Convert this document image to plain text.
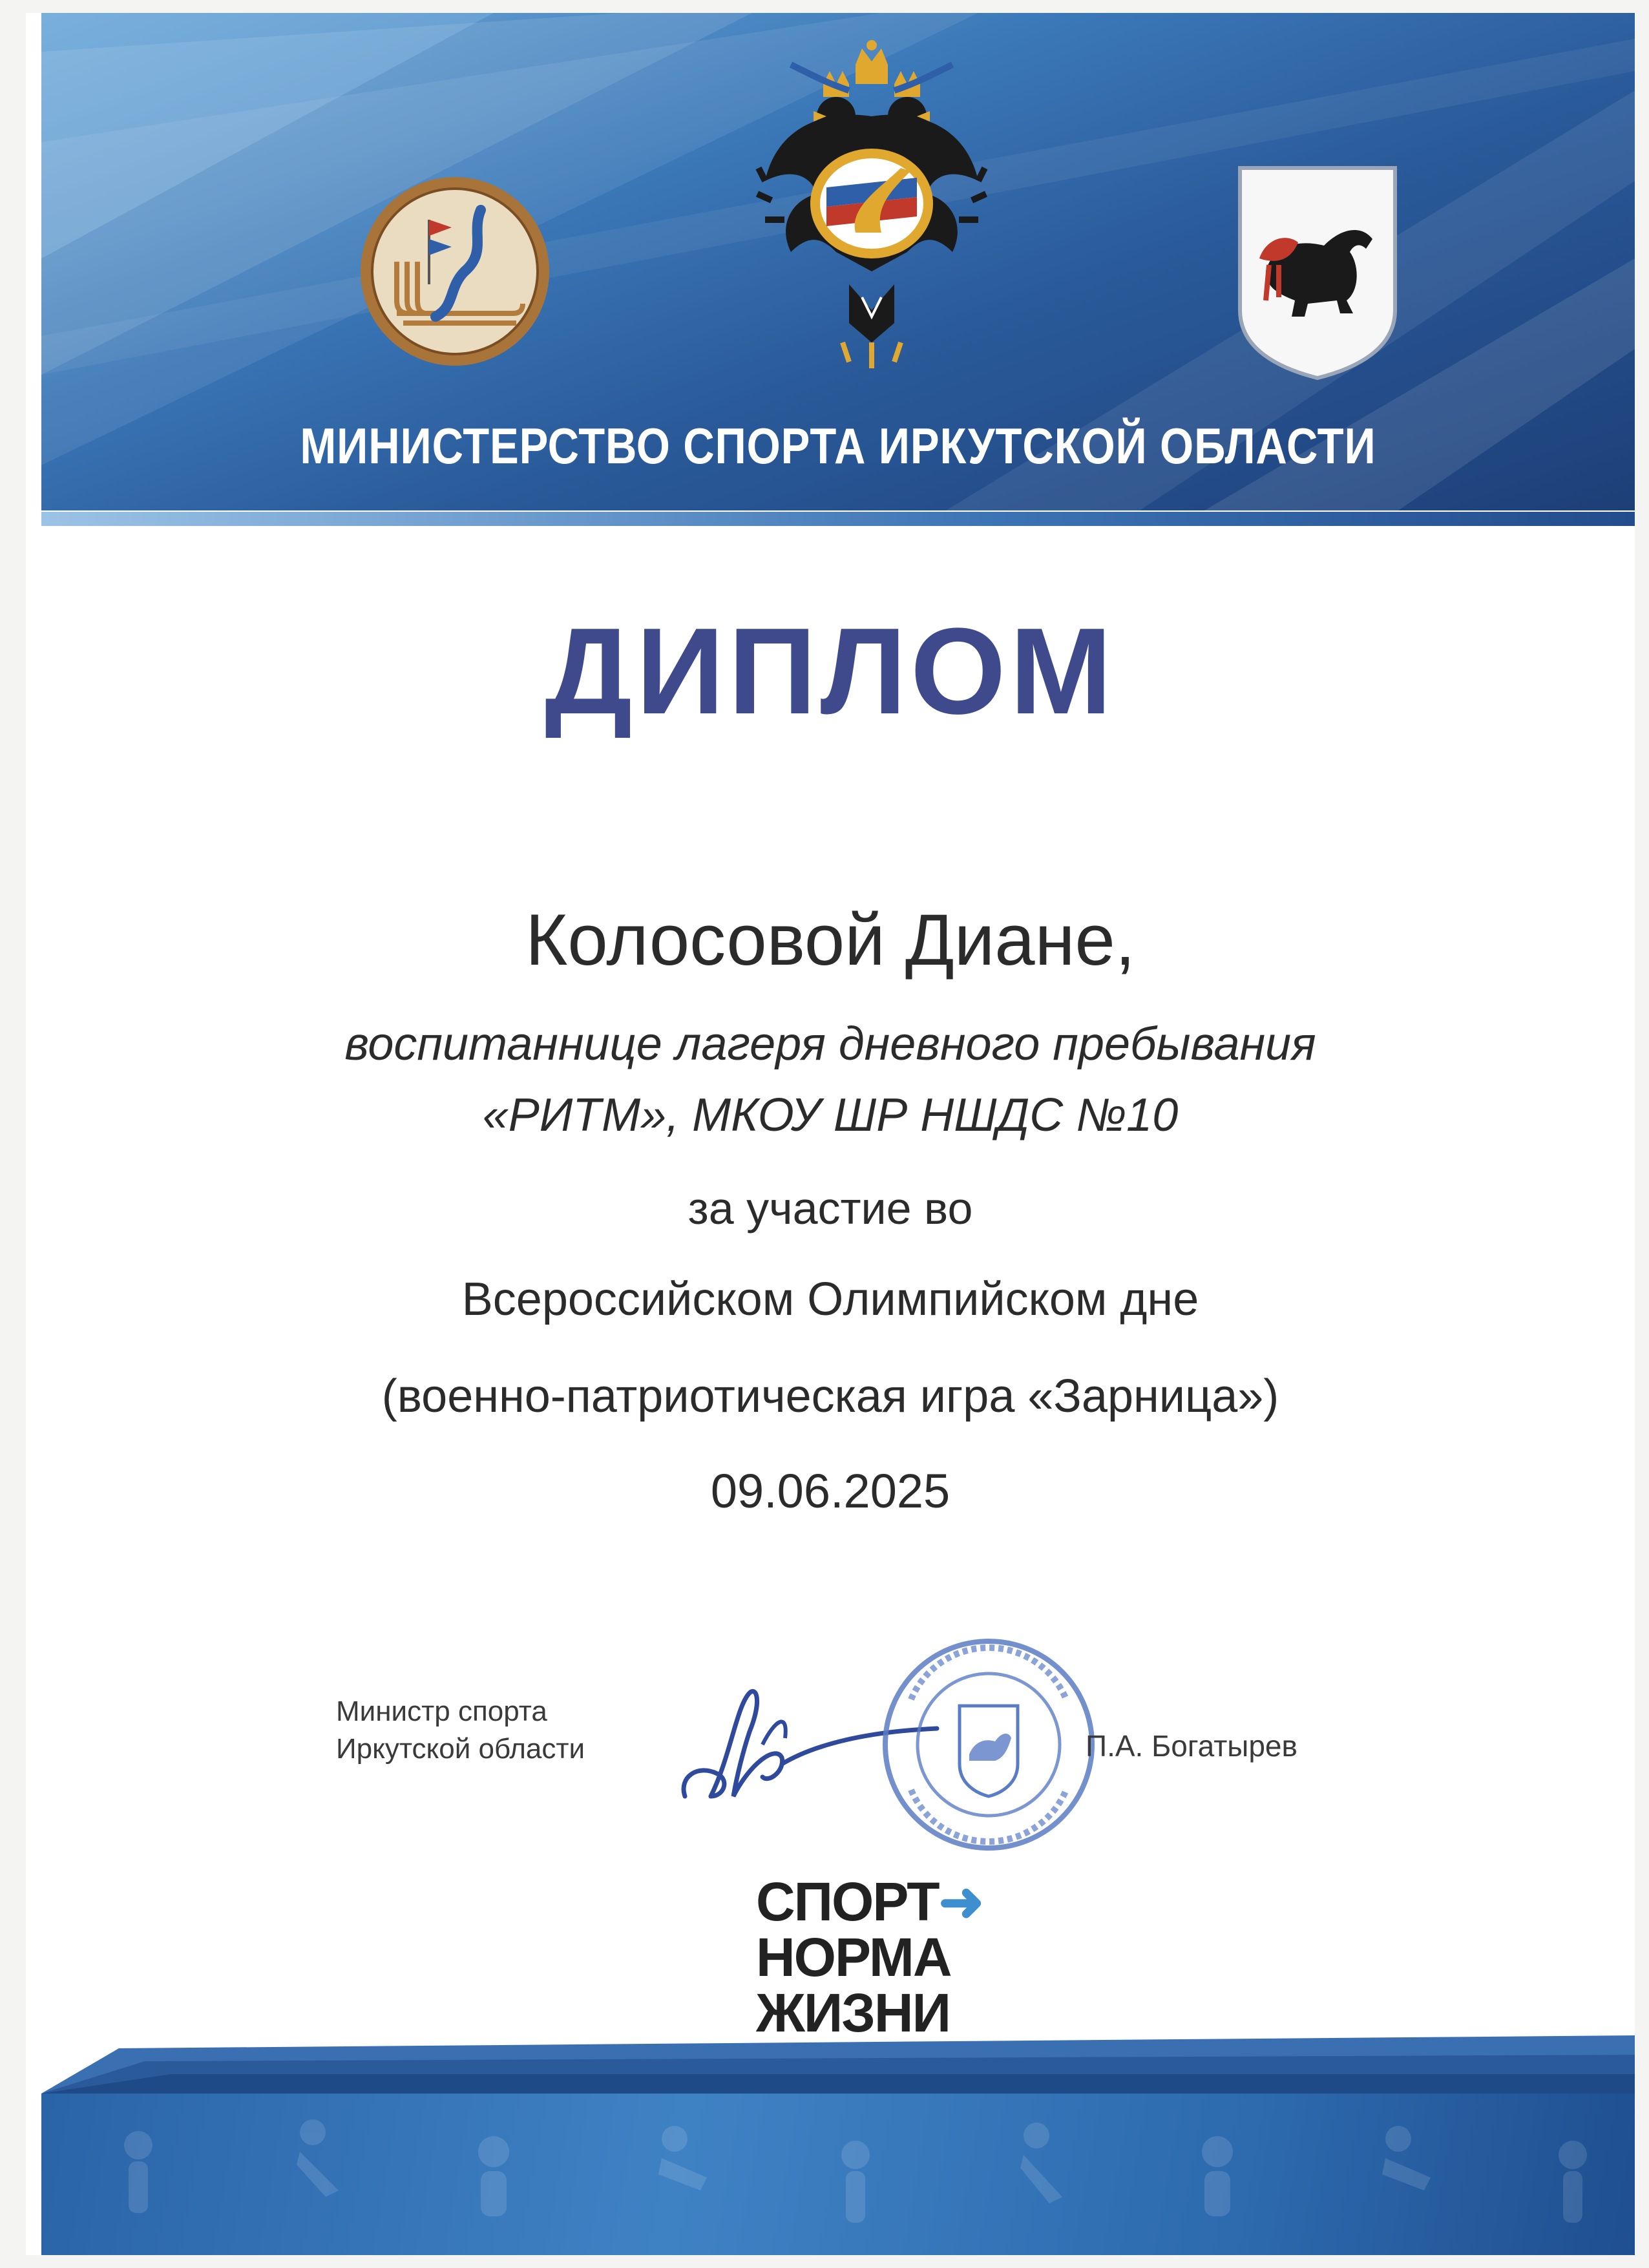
МИНИСТЕРСТВО СПОРТА ИРКУТСКОЙ ОБЛАСТИ
ДИПЛОМ
Колосовой Диане,
воспитаннице лагеря дневного пребывания
«РИТМ», МКОУ ШР НШДС №10
за участие во
Всероссийском Олимпийском дне
(военно-патриотическая игра «Зарница»)
09.06.2025
Министр спорта
Иркутской области	П.А. Богатырев
СПОРТ➜
НОРМА
ЖИЗНИ
